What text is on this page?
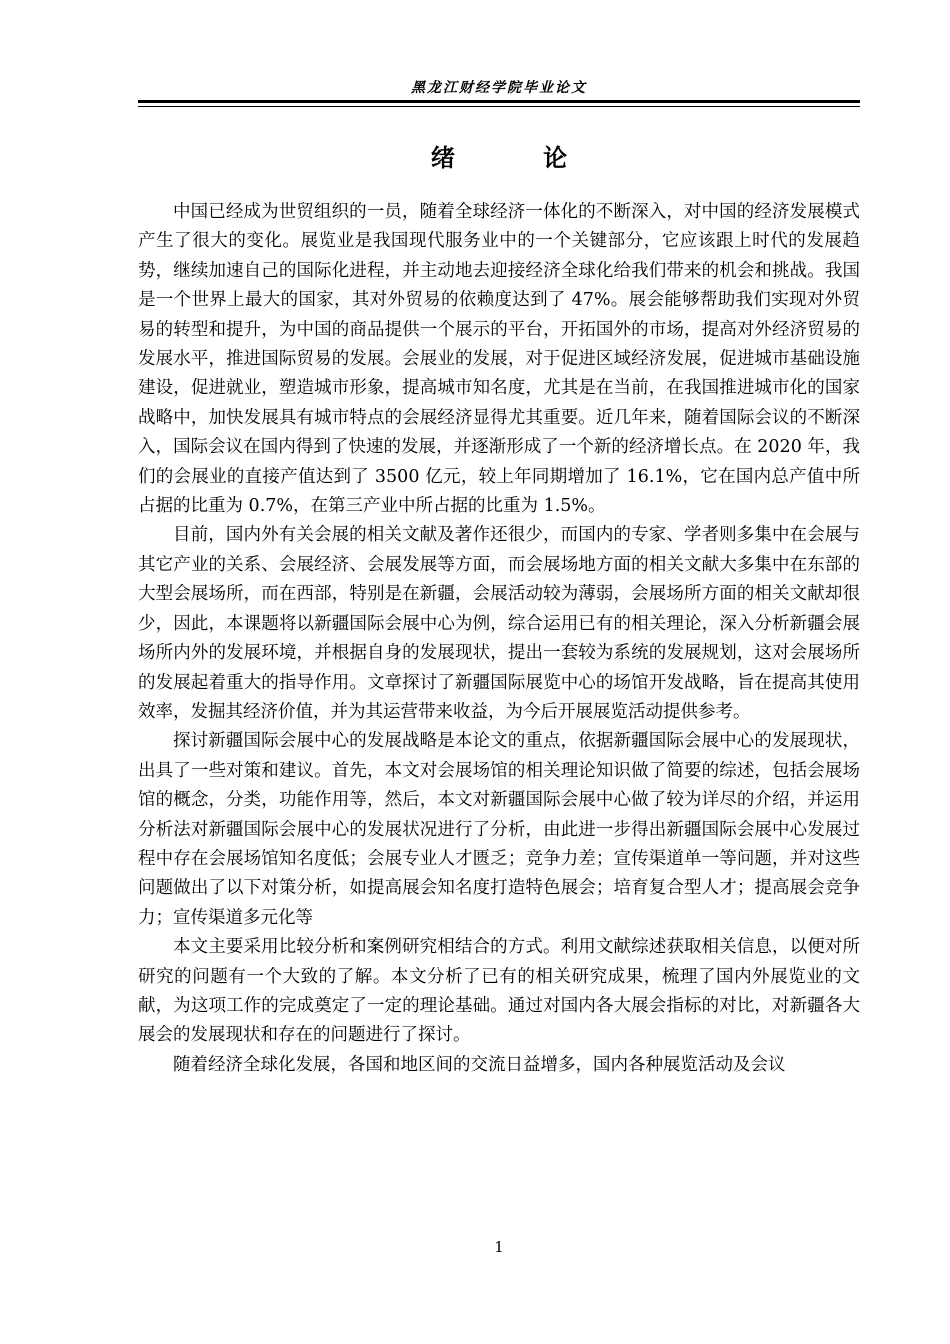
黑龙江财经学院毕业论文
绪 论

中国已经成为世贸组织的一员，随着全球经济一体化的不断深入，对中国的经济发展模式产生了很大的变化。展览业是我国现代服务业中的一个关键部分，它应该跟上时代的发展趋势，继续加速自己的国际化进程，并主动地去迎接经济全球化给我们带来的机会和挑战。我国是一个世界上最大的国家，其对外贸易的依赖度达到了 47%。展会能够帮助我们实现对外贸易的转型和提升，为中国的商品提供一个展示的平台，开拓国外的市场，提高对外经济贸易的发展水平，推进国际贸易的发展。会展业的发展，对于促进区域经济发展，促进城市基础设施建设，促进就业，塑造城市形象，提高城市知名度，尤其是在当前，在我国推进城市化的国家战略中，加快发展具有城市特点的会展经济显得尤其重要。近几年来，随着国际会议的不断深入，国际会议在国内得到了快速的发展，并逐渐形成了一个新的经济增长点。在 2020 年，我们的会展业的直接产值达到了 3500 亿元，较上年同期增加了 16.1%，它在国内总产值中所占据的比重为 0.7%，在第三产业中所占据的比重为 1.5%。

目前，国内外有关会展的相关文献及著作还很少，而国内的专家、学者则多集中在会展与其它产业的关系、会展经济、会展发展等方面，而会展场地方面的相关文献大多集中在东部的大型会展场所，而在西部，特别是在新疆，会展活动较为薄弱，会展场所方面的相关文献却很少，因此，本课题将以新疆国际会展中心为例，综合运用已有的相关理论，深入分析新疆会展场所内外的发展环境，并根据自身的发展现状，提出一套较为系统的发展规划，这对会展场所的发展起着重大的指导作用。文章探讨了新疆国际展览中心的场馆开发战略，旨在提高其使用效率，发掘其经济价值，并为其运营带来收益，为今后开展展览活动提供参考。

探讨新疆国际会展中心的发展战略是本论文的重点，依据新疆国际会展中心的发展现状，出具了一些对策和建议。首先，本文对会展场馆的相关理论知识做了简要的综述，包括会展场馆的概念，分类，功能作用等，然后，本文对新疆国际会展中心做了较为详尽的介绍，并运用分析法对新疆国际会展中心的发展状况进行了分析，由此进一步得出新疆国际会展中心发展过程中存在会展场馆知名度低；会展专业人才匮乏；竞争力差；宣传渠道单一等问题，并对这些问题做出了以下对策分析，如提高展会知名度打造特色展会；培育复合型人才；提高展会竞争力；宣传渠道多元化等

本文主要采用比较分析和案例研究相结合的方式。利用文献综述获取相关信息，以便对所研究的问题有一个大致的了解。本文分析了已有的相关研究成果，梳理了国内外展览业的文献，为这项工作的完成奠定了一定的理论基础。通过对国内各大展会指标的对比，对新疆各大展会的发展现状和存在的问题进行了探讨。

随着经济全球化发展，各国和地区间的交流日益增多，国内各种展览活动及会议

1
